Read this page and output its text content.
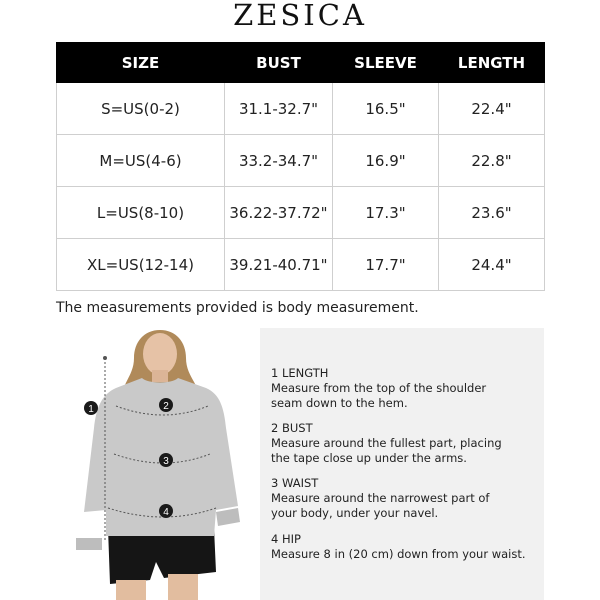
ZESICA
SIZE	BUST	SLEEVE	LENGTH
S=US(0-2)	31.1-32.7"	16.5"	22.4"
M=US(4-6)	33.2-34.7"	16.9"	22.8"
L=US(8-10)	36.22-37.72"	17.3"	23.6"
XL=US(12-14)	39.21-40.71"	17.7"	24.4"
The measurements provided is body measurement.
1	2
3
4
1 LENGTH
Measure from the top of the shoulder
seam down to the hem.
2 BUST
Measure around the fullest part, placing
the tape close up under the arms.
3 WAIST
Measure around the narrowest part of
your body, under your navel.
4 HIP
Measure 8 in (20 cm) down from your waist.
